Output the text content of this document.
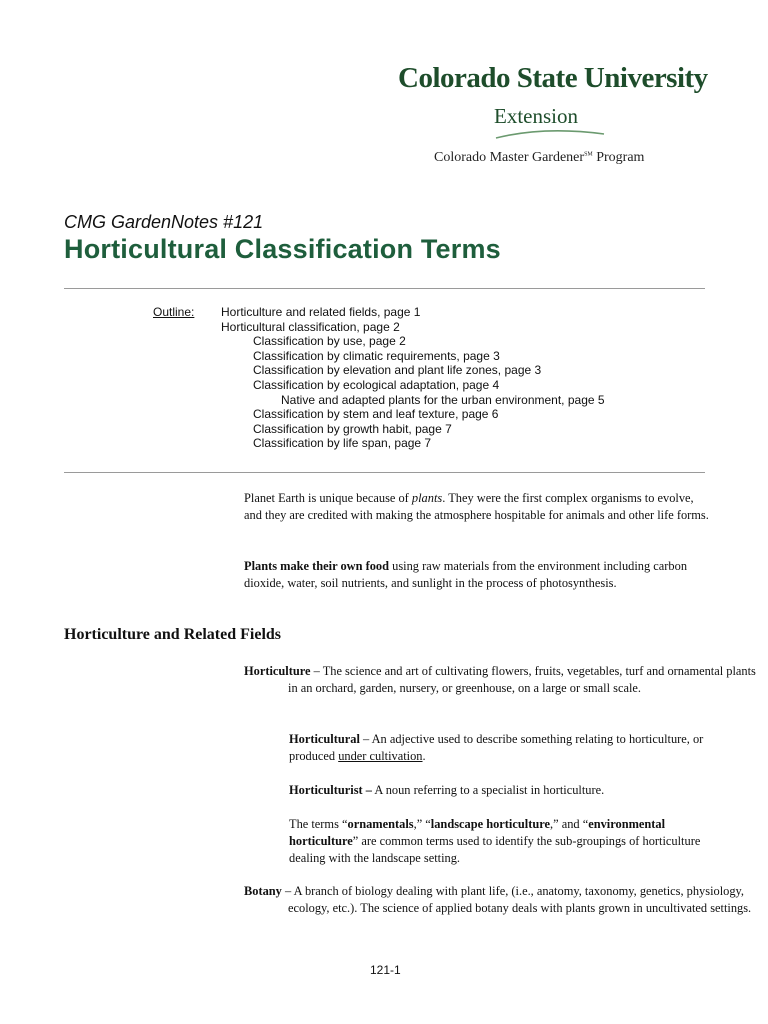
Colorado State University
Extension
Colorado Master Gardener℠ Program
CMG GardenNotes #121
Horticultural Classification Terms
Outline: Horticulture and related fields, page 1
Horticultural classification, page 2
Classification by use, page 2
Classification by climatic requirements, page 3
Classification by elevation and plant life zones, page 3
Classification by ecological adaptation, page 4
Native and adapted plants for the urban environment, page 5
Classification by stem and leaf texture, page 6
Classification by growth habit, page 7
Classification by life span, page 7
Planet Earth is unique because of plants. They were the first complex organisms to evolve, and they are credited with making the atmosphere hospitable for animals and other life forms.
Plants make their own food using raw materials from the environment including carbon dioxide, water, soil nutrients, and sunlight in the process of photosynthesis.
Horticulture and Related Fields
Horticulture – The science and art of cultivating flowers, fruits, vegetables, turf and ornamental plants in an orchard, garden, nursery, or greenhouse, on a large or small scale.
Horticultural – An adjective used to describe something relating to horticulture, or produced under cultivation.
Horticulturist – A noun referring to a specialist in horticulture.
The terms “ornamentals,” “landscape horticulture,” and “environmental horticulture” are common terms used to identify the sub-groupings of horticulture dealing with the landscape setting.
Botany – A branch of biology dealing with plant life, (i.e., anatomy, taxonomy, genetics, physiology, ecology, etc.). The science of applied botany deals with plants grown in uncultivated settings.
121-1
